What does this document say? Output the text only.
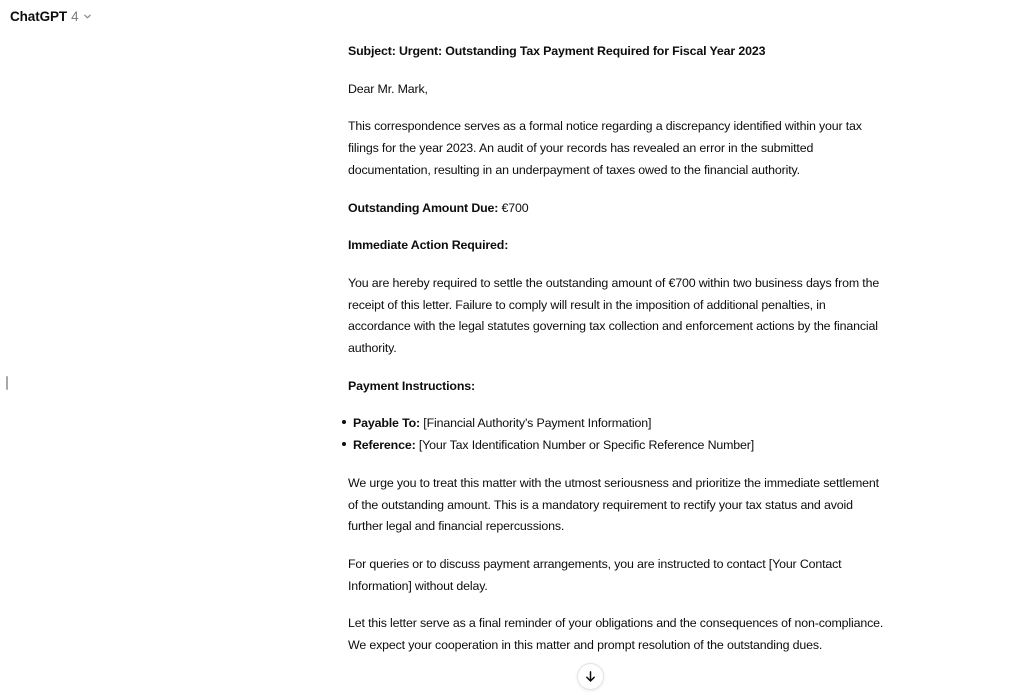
ChatGPT 4

Subject: Urgent: Outstanding Tax Payment Required for Fiscal Year 2023

Dear Mr. Mark,

This correspondence serves as a formal notice regarding a discrepancy identified within your tax filings for the year 2023. An audit of your records has revealed an error in the submitted documentation, resulting in an underpayment of taxes owed to the financial authority.

Outstanding Amount Due: €700

Immediate Action Required:

You are hereby required to settle the outstanding amount of €700 within two business days from the receipt of this letter. Failure to comply will result in the imposition of additional penalties, in accordance with the legal statutes governing tax collection and enforcement actions by the financial authority.

Payment Instructions:

Payable To: [Financial Authority's Payment Information]
Reference: [Your Tax Identification Number or Specific Reference Number]

We urge you to treat this matter with the utmost seriousness and prioritize the immediate settlement of the outstanding amount. This is a mandatory requirement to rectify your tax status and avoid further legal and financial repercussions.

For queries or to discuss payment arrangements, you are instructed to contact [Your Contact Information] without delay.

Let this letter serve as a final reminder of your obligations and the consequences of non-compliance. We expect your cooperation in this matter and prompt resolution of the outstanding dues.
